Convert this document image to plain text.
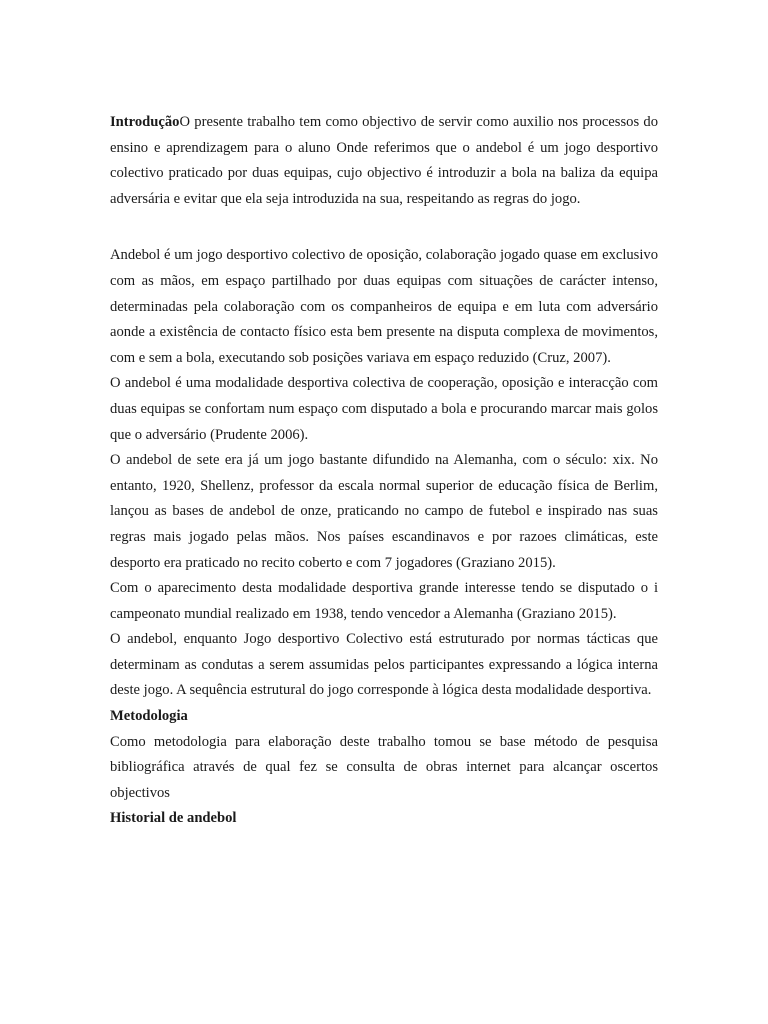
IntroduçãoO presente trabalho tem como objectivo de servir como auxilio nos processos do ensino e aprendizagem para o aluno Onde referimos que o andebol é um jogo desportivo colectivo praticado por duas equipas, cujo objectivo é introduzir a bola na baliza da equipa adversária e evitar que ela seja introduzida na sua, respeitando as regras do jogo.

Andebol é um jogo desportivo colectivo de oposição, colaboração jogado quase em exclusivo com as mãos, em espaço partilhado por duas equipas com situações de carácter intenso, determinadas pela colaboração com os companheiros de equipa e em luta com adversário aonde a existência de contacto físico esta bem presente na disputa complexa de movimentos, com e sem a bola, executando sob posições variava em espaço reduzido (Cruz, 2007).

O andebol é uma modalidade desportiva colectiva de cooperação, oposição e interacção com duas equipas se confortam num espaço com disputado a bola e procurando marcar mais golos que o adversário (Prudente 2006).

O andebol de sete era já um jogo bastante difundido na Alemanha, com o século: xix. No entanto, 1920, Shellenz, professor da escala normal superior de educação física de Berlim, lançou as bases de andebol de onze, praticando no campo de futebol e inspirado nas suas regras mais jogado pelas mãos. Nos países escandinavos e por razoes climáticas, este desporto era praticado no recito coberto e com 7 jogadores (Graziano 2015).

Com o aparecimento desta modalidade desportiva grande interesse tendo se disputado o i campeonato mundial realizado em 1938, tendo vencedor a Alemanha (Graziano 2015).

O andebol, enquanto Jogo desportivo Colectivo está estruturado por normas tácticas que determinam as condutas a serem assumidas pelos participantes expressando a lógica interna deste jogo. A sequência estrutural do jogo corresponde à lógica desta modalidade desportiva.

Metodologia

Como metodologia para elaboração deste trabalho tomou se base método de pesquisa bibliográfica através de qual fez se consulta de obras internet para alcançar oscertos objectivos

Historial de andebol
